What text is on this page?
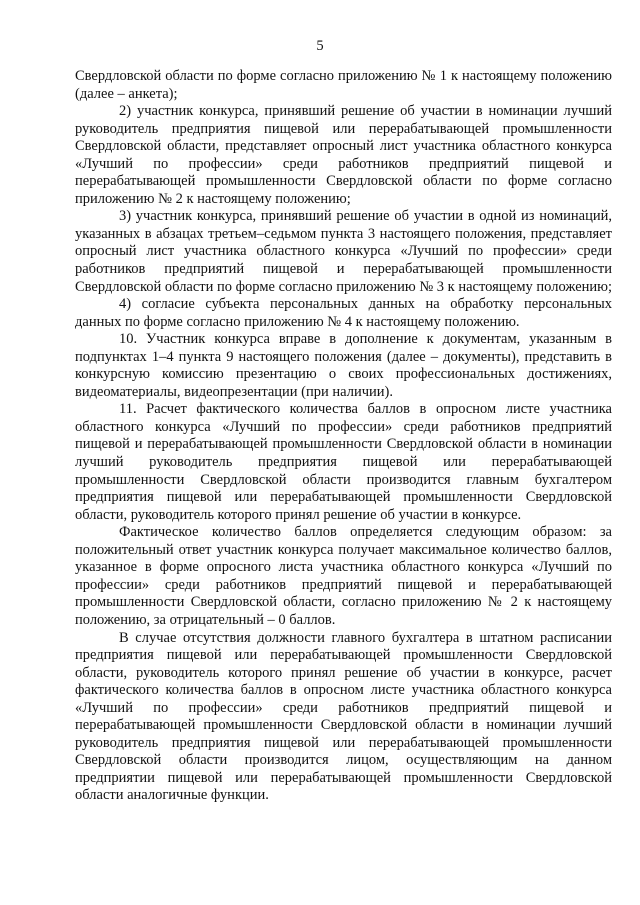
5

Свердловской области по форме согласно приложению № 1 к настоящему положению (далее – анкета);

2) участник конкурса, принявший решение об участии в номинации лучший руководитель предприятия пищевой или перерабатывающей промышленности Свердловской области, представляет опросный лист участника областного конкурса «Лучший по профессии» среди работников предприятий пищевой и перерабатывающей промышленности Свердловской области по форме согласно приложению № 2 к настоящему положению;

3) участник конкурса, принявший решение об участии в одной из номинаций, указанных в абзацах третьем–седьмом пункта 3 настоящего положения, представляет опросный лист участника областного конкурса «Лучший по профессии» среди работников предприятий пищевой и перерабатывающей промышленности Свердловской области по форме согласно приложению № 3 к настоящему положению;

4) согласие субъекта персональных данных на обработку персональных данных по форме согласно приложению № 4 к настоящему положению.

10. Участник конкурса вправе в дополнение к документам, указанным в подпунктах 1–4 пункта 9 настоящего положения (далее – документы), представить в конкурсную комиссию презентацию о своих профессиональных достижениях, видеоматериалы, видеопрезентации (при наличии).

11. Расчет фактического количества баллов в опросном листе участника областного конкурса «Лучший по профессии» среди работников предприятий пищевой и перерабатывающей промышленности Свердловской области в номинации лучший руководитель предприятия пищевой или перерабатывающей промышленности Свердловской области производится главным бухгалтером предприятия пищевой или перерабатывающей промышленности Свердловской области, руководитель которого принял решение об участии в конкурсе.

Фактическое количество баллов определяется следующим образом: за положительный ответ участник конкурса получает максимальное количество баллов, указанное в форме опросного листа участника областного конкурса «Лучший по профессии» среди работников предприятий пищевой и перерабатывающей промышленности Свердловской области, согласно приложению № 2 к настоящему положению, за отрицательный – 0 баллов.

В случае отсутствия должности главного бухгалтера в штатном расписании предприятия пищевой или перерабатывающей промышленности Свердловской области, руководитель которого принял решение об участии в конкурсе, расчет фактического количества баллов в опросном листе участника областного конкурса «Лучший по профессии» среди работников предприятий пищевой и перерабатывающей промышленности Свердловской области в номинации лучший руководитель предприятия пищевой или перерабатывающей промышленности Свердловской области производится лицом, осуществляющим на данном предприятии пищевой или перерабатывающей промышленности Свердловской области аналогичные функции.
